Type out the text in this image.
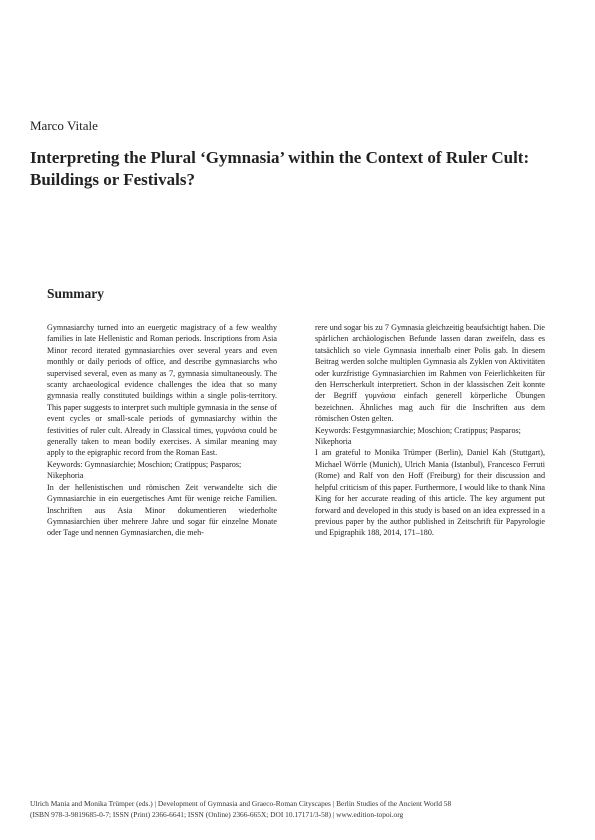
Marco Vitale
Interpreting the Plural ‘Gymnasia’ within the Context of Ruler Cult: Buildings or Festivals?
Summary

Gymnasiarchy turned into an euergetic magistracy of a few wealthy families in late Hellenistic and Roman periods. Inscriptions from Asia Minor record iterated gymnasiarchies over several years and even monthly or daily periods of office, and describe gymnasiarchs who supervised several, even as many as 7, gymnasia simultaneously. The scanty archaeological evidence challenges the idea that so many gymnasia really constituted buildings within a single polis-territory. This paper suggests to interpret such multiple gymnasia in the sense of event cycles or small-scale periods of gymnasiarchy within the festivities of ruler cult. Already in Classical times, γυμνάσια could be generally taken to mean bodily exercises. A similar meaning may apply to the epigraphic record from the Roman East.

Keywords: Gymnasiarchie; Moschion; Cratippus; Pasparos; Nikephoria

In der hellenistischen und römischen Zeit verwandelte sich die Gymnasiarchie in ein euergetisches Amt für wenige reiche Familien. Inschriften aus Asia Minor dokumentieren wiederholte Gymnasiarchien über mehrere Jahre und sogar für einzelne Monate oder Tage und nennen Gymnasiarchen, die meh-

rere und sogar bis zu 7 Gymnasia gleichzeitig beaufsichtigt haben. Die spärlichen archäologischen Befunde lassen daran zweifeln, dass es tatsächlich so viele Gymnasia innerhalb einer Polis gab. In diesem Beitrag werden solche multiplen Gymnasia als Zyklen von Aktivitäten oder kurzfristige Gymnasiarchien im Rahmen von Feierlichkeiten für den Herrscherkult interpretiert. Schon in der klassischen Zeit konnte der Begriff γυμνάσια einfach generell körperliche Übungen bezeichnen. Ähnliches mag auch für die Inschriften aus dem römischen Osten gelten.

Keywords: Festgymnasiarchie; Moschion; Cratippus; Pasparos; Nikephoria

I am grateful to Monika Trümper (Berlin), Daniel Kah (Stuttgart), Michael Wörrle (Munich), Ulrich Mania (Istanbul), Francesco Ferruti (Rome) and Ralf von den Hoff (Freiburg) for their discussion and helpful criticism of this paper. Furthermore, I would like to thank Nina King for her accurate reading of this article. The key argument put forward and developed in this study is based on an idea expressed in a previous paper by the author published in Zeitschrift für Papyrologie und Epigraphik 188, 2014, 171–180.

Ulrich Mania and Monika Trümper (eds.) | Development of Gymnasia and Graeco-Roman Cityscapes | Berlin Studies of the Ancient World 58

(ISBN 978-3-9819685-0-7; ISSN (Print) 2366-6641; ISSN (Online) 2366-665X; DOI 10.17171/3-58) | www.edition-topoi.org
